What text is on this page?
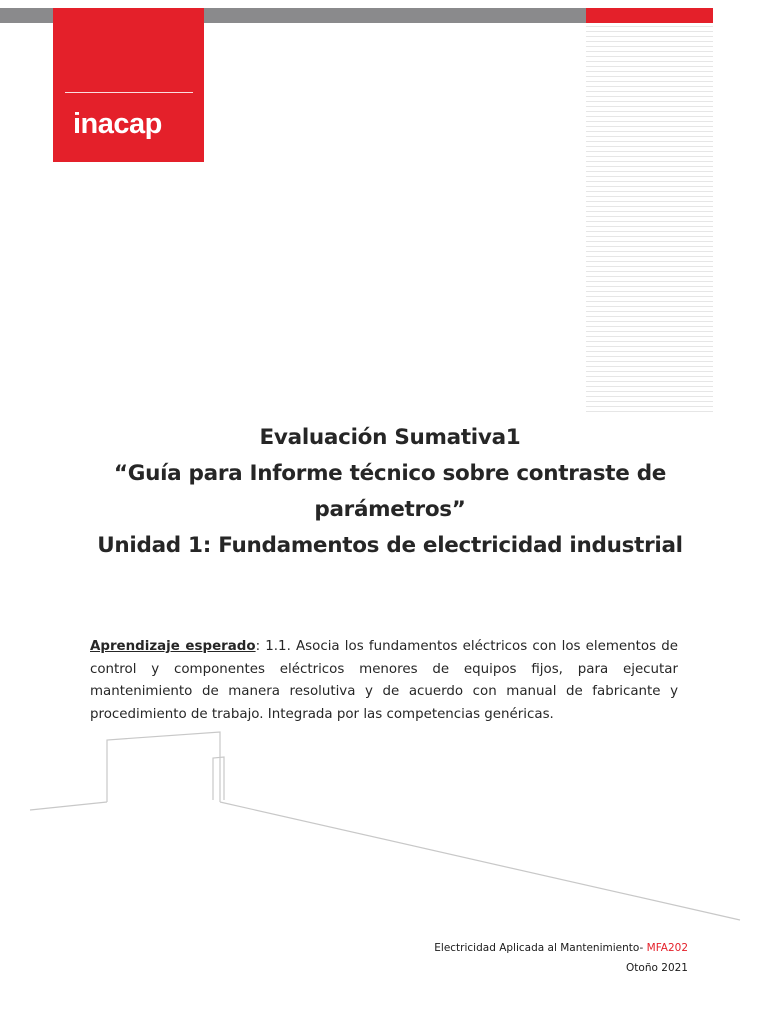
inacap
Evaluación Sumativa1
“Guía para Informe técnico sobre contraste de
parámetros”
Unidad 1: Fundamentos de electricidad industrial
Aprendizaje esperado: 1.1. Asocia los fundamentos eléctricos con los elementos de control y componentes eléctricos menores de equipos fijos, para ejecutar mantenimiento de manera resolutiva y de acuerdo con manual de fabricante y procedimiento de trabajo. Integrada por las competencias genéricas.
Electricidad Aplicada al Mantenimiento- MFA202
Otoño 2021
